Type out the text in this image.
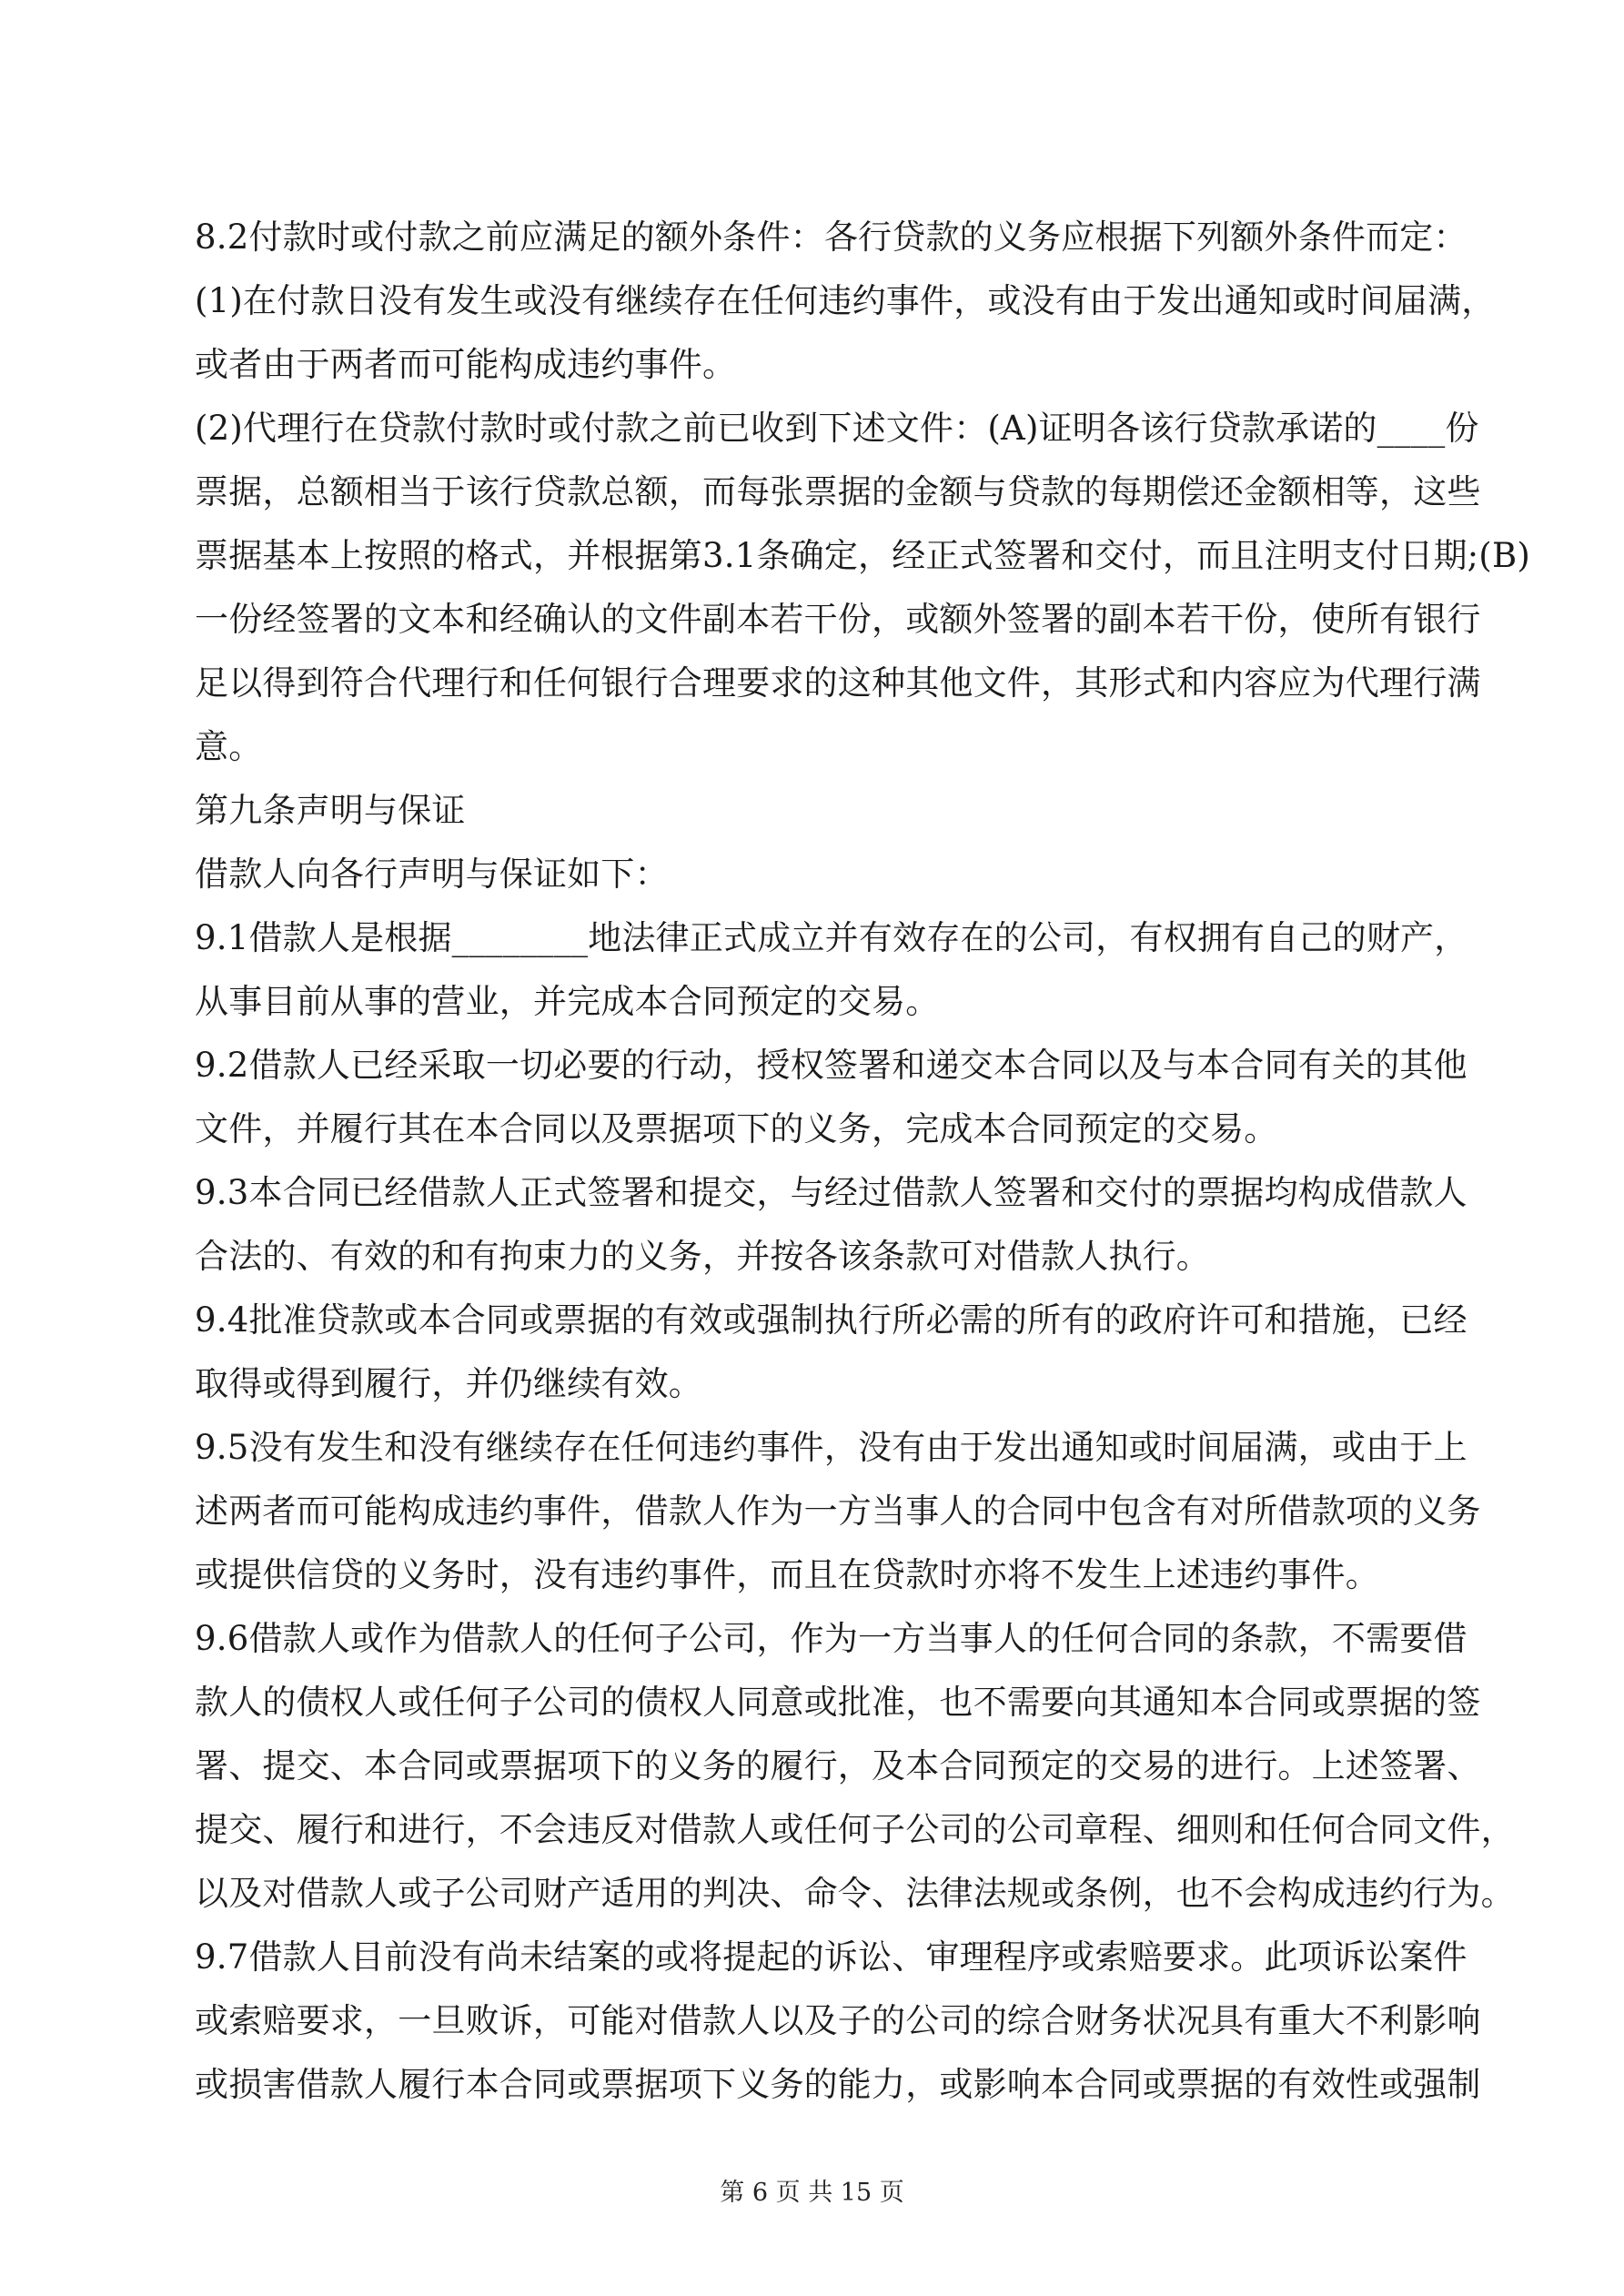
8.2付款时或付款之前应满足的额外条件：各行贷款的义务应根据下列额外条件而定：
(1)在付款日没有发生或没有继续存在任何违约事件，或没有由于发出通知或时间届满，
或者由于两者而可能构成违约事件。
(2)代理行在贷款付款时或付款之前已收到下述文件：(A)证明各该行贷款承诺的____份
票据，总额相当于该行贷款总额，而每张票据的金额与贷款的每期偿还金额相等，这些
票据基本上按照的格式，并根据第3.1条确定，经正式签署和交付，而且注明支付日期;(B)
一份经签署的文本和经确认的文件副本若干份，或额外签署的副本若干份，使所有银行
足以得到符合代理行和任何银行合理要求的这种其他文件，其形式和内容应为代理行满
意。
第九条声明与保证
借款人向各行声明与保证如下：
9.1借款人是根据________地法律正式成立并有效存在的公司，有权拥有自己的财产，
从事目前从事的营业，并完成本合同预定的交易。
9.2借款人已经采取一切必要的行动，授权签署和递交本合同以及与本合同有关的其他
文件，并履行其在本合同以及票据项下的义务，完成本合同预定的交易。
9.3本合同已经借款人正式签署和提交，与经过借款人签署和交付的票据均构成借款人
合法的、有效的和有拘束力的义务，并按各该条款可对借款人执行。
9.4批准贷款或本合同或票据的有效或强制执行所必需的所有的政府许可和措施，已经
取得或得到履行，并仍继续有效。
9.5没有发生和没有继续存在任何违约事件，没有由于发出通知或时间届满，或由于上
述两者而可能构成违约事件，借款人作为一方当事人的合同中包含有对所借款项的义务
或提供信贷的义务时，没有违约事件，而且在贷款时亦将不发生上述违约事件。
9.6借款人或作为借款人的任何子公司，作为一方当事人的任何合同的条款，不需要借
款人的债权人或任何子公司的债权人同意或批准，也不需要向其通知本合同或票据的签
署、提交、本合同或票据项下的义务的履行，及本合同预定的交易的进行。上述签署、
提交、履行和进行，不会违反对借款人或任何子公司的公司章程、细则和任何合同文件，
以及对借款人或子公司财产适用的判决、命令、法律法规或条例，也不会构成违约行为。
9.7借款人目前没有尚未结案的或将提起的诉讼、审理程序或索赔要求。此项诉讼案件
或索赔要求，一旦败诉，可能对借款人以及子的公司的综合财务状况具有重大不利影响
或损害借款人履行本合同或票据项下义务的能力，或影响本合同或票据的有效性或强制
第 6 页 共 15 页
